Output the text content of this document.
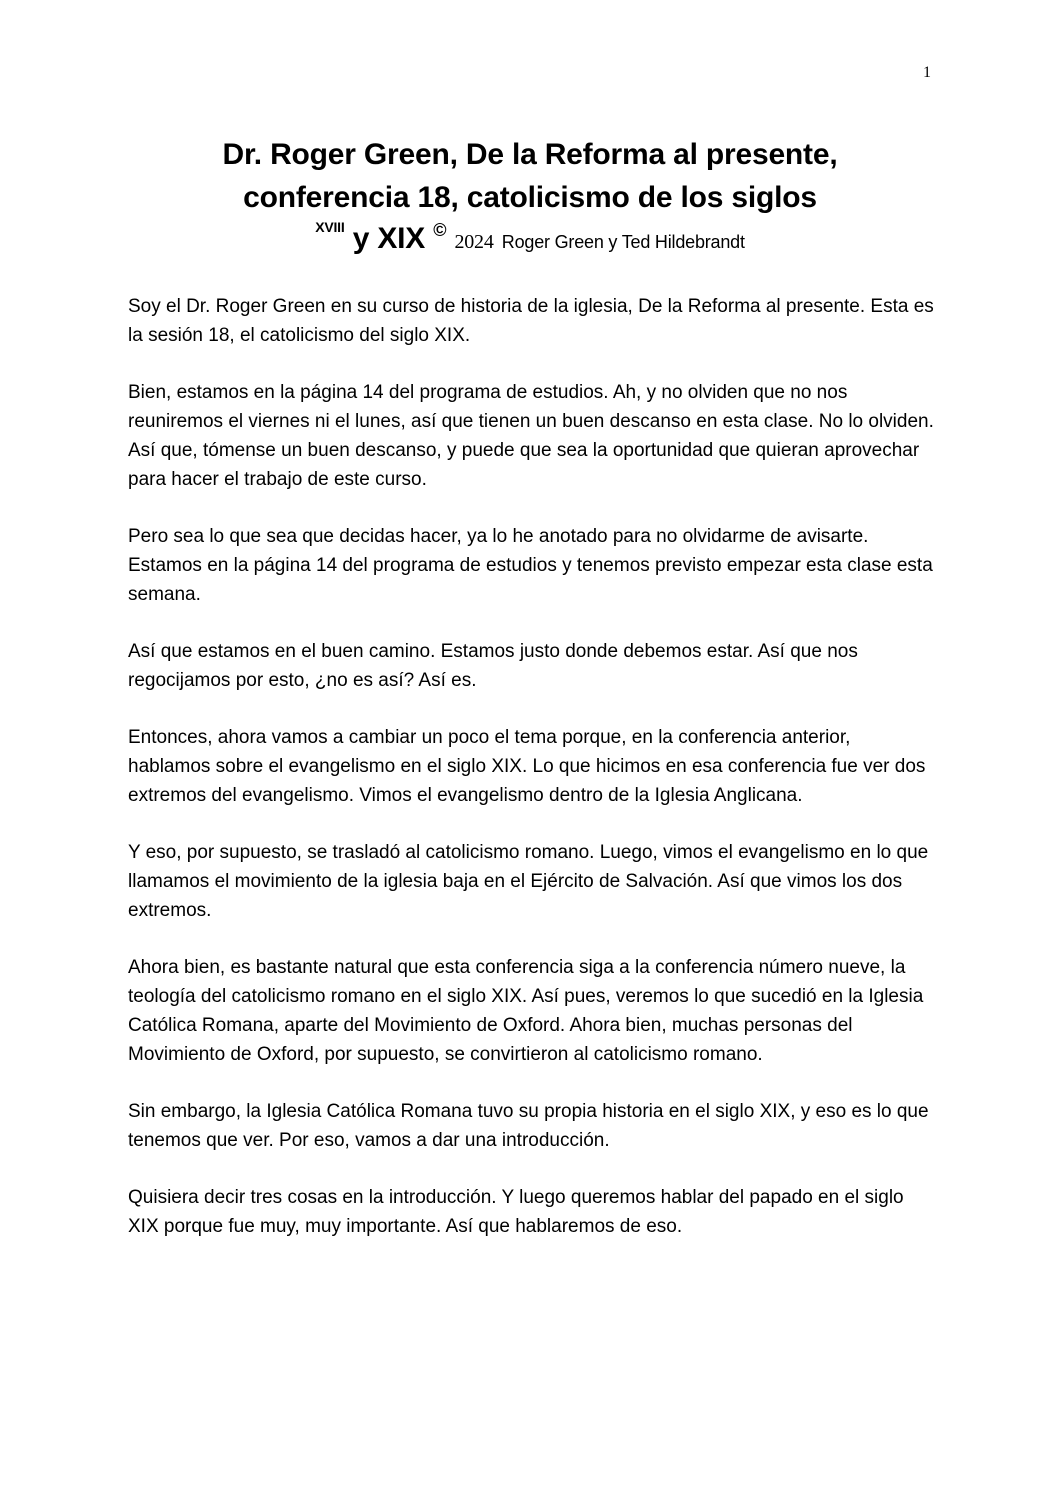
1
Dr. Roger Green, De la Reforma al presente,
conferencia 18, catolicismo de los siglos
$^{XVIII}$ y XIX © 2024 Roger Green y Ted Hildebrandt

Soy el Dr. Roger Green en su curso de historia de la iglesia, De la Reforma al presente. Esta es la sesión 18, el catolicismo del siglo XIX.

Bien, estamos en la página 14 del programa de estudios. Ah, y no olviden que no nos reuniremos el viernes ni el lunes, así que tienen un buen descanso en esta clase. No lo olviden. Así que, tómense un buen descanso, y puede que sea la oportunidad que quieran aprovechar para hacer el trabajo de este curso.

Pero sea lo que sea que decidas hacer, ya lo he anotado para no olvidarme de avisarte. Estamos en la página 14 del programa de estudios y tenemos previsto empezar esta clase esta semana.

Así que estamos en el buen camino. Estamos justo donde debemos estar. Así que nos regocijamos por esto, ¿no es así? Así es.

Entonces, ahora vamos a cambiar un poco el tema porque, en la conferencia anterior, hablamos sobre el evangelismo en el siglo XIX. Lo que hicimos en esa conferencia fue ver dos extremos del evangelismo. Vimos el evangelismo dentro de la Iglesia Anglicana.

Y eso, por supuesto, se trasladó al catolicismo romano. Luego, vimos el evangelismo en lo que llamamos el movimiento de la iglesia baja en el Ejército de Salvación. Así que vimos los dos extremos.

Ahora bien, es bastante natural que esta conferencia siga a la conferencia número nueve, la teología del catolicismo romano en el siglo XIX. Así pues, veremos lo que sucedió en la Iglesia Católica Romana, aparte del Movimiento de Oxford. Ahora bien, muchas personas del Movimiento de Oxford, por supuesto, se convirtieron al catolicismo romano.

Sin embargo, la Iglesia Católica Romana tuvo su propia historia en el siglo XIX, y eso es lo que tenemos que ver. Por eso, vamos a dar una introducción.

Quisiera decir tres cosas en la introducción. Y luego queremos hablar del papado en el siglo XIX porque fue muy, muy importante. Así que hablaremos de eso.
